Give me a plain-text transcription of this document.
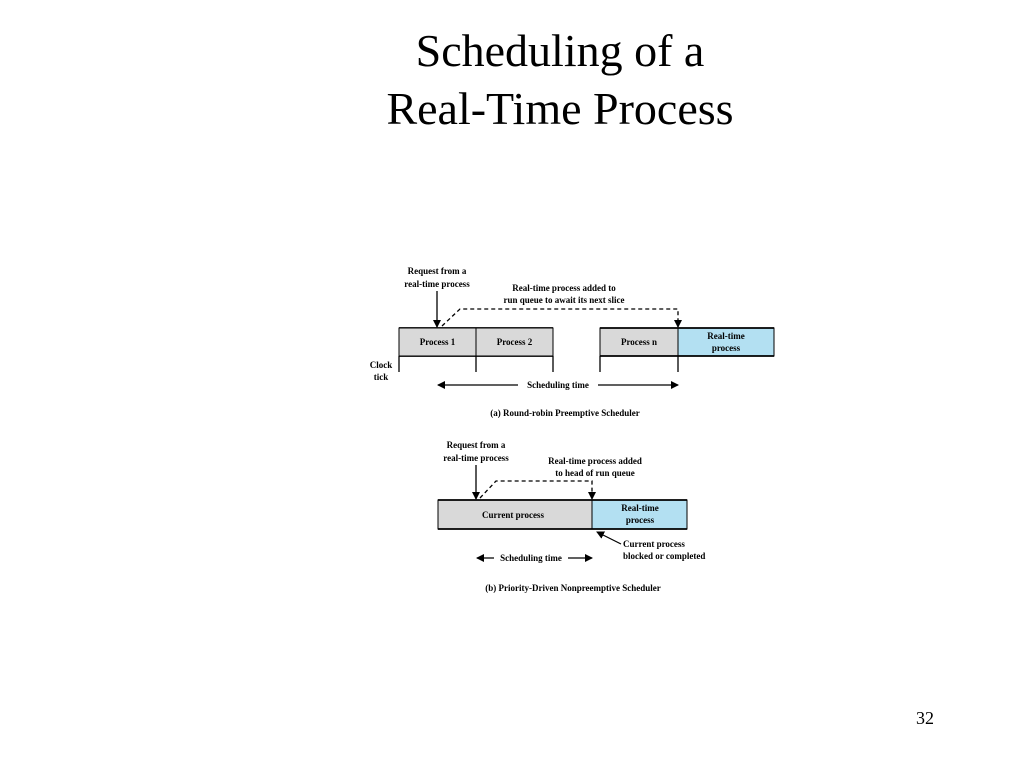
Scheduling of a
Real-Time Process
Request from a
real-time process	Real-time process added to
run queue to await its next slice
Process 1	Process 2	Process n
Real-time
process
Clock
tick
Scheduling time
(a) Round-robin Preemptive Scheduler
Request from a
real-time process	Real-time process added
to head of run queue
Current process
Real-time
process
Current process
blocked or completed
Scheduling time
(b) Priority-Driven Nonpreemptive Scheduler
32
